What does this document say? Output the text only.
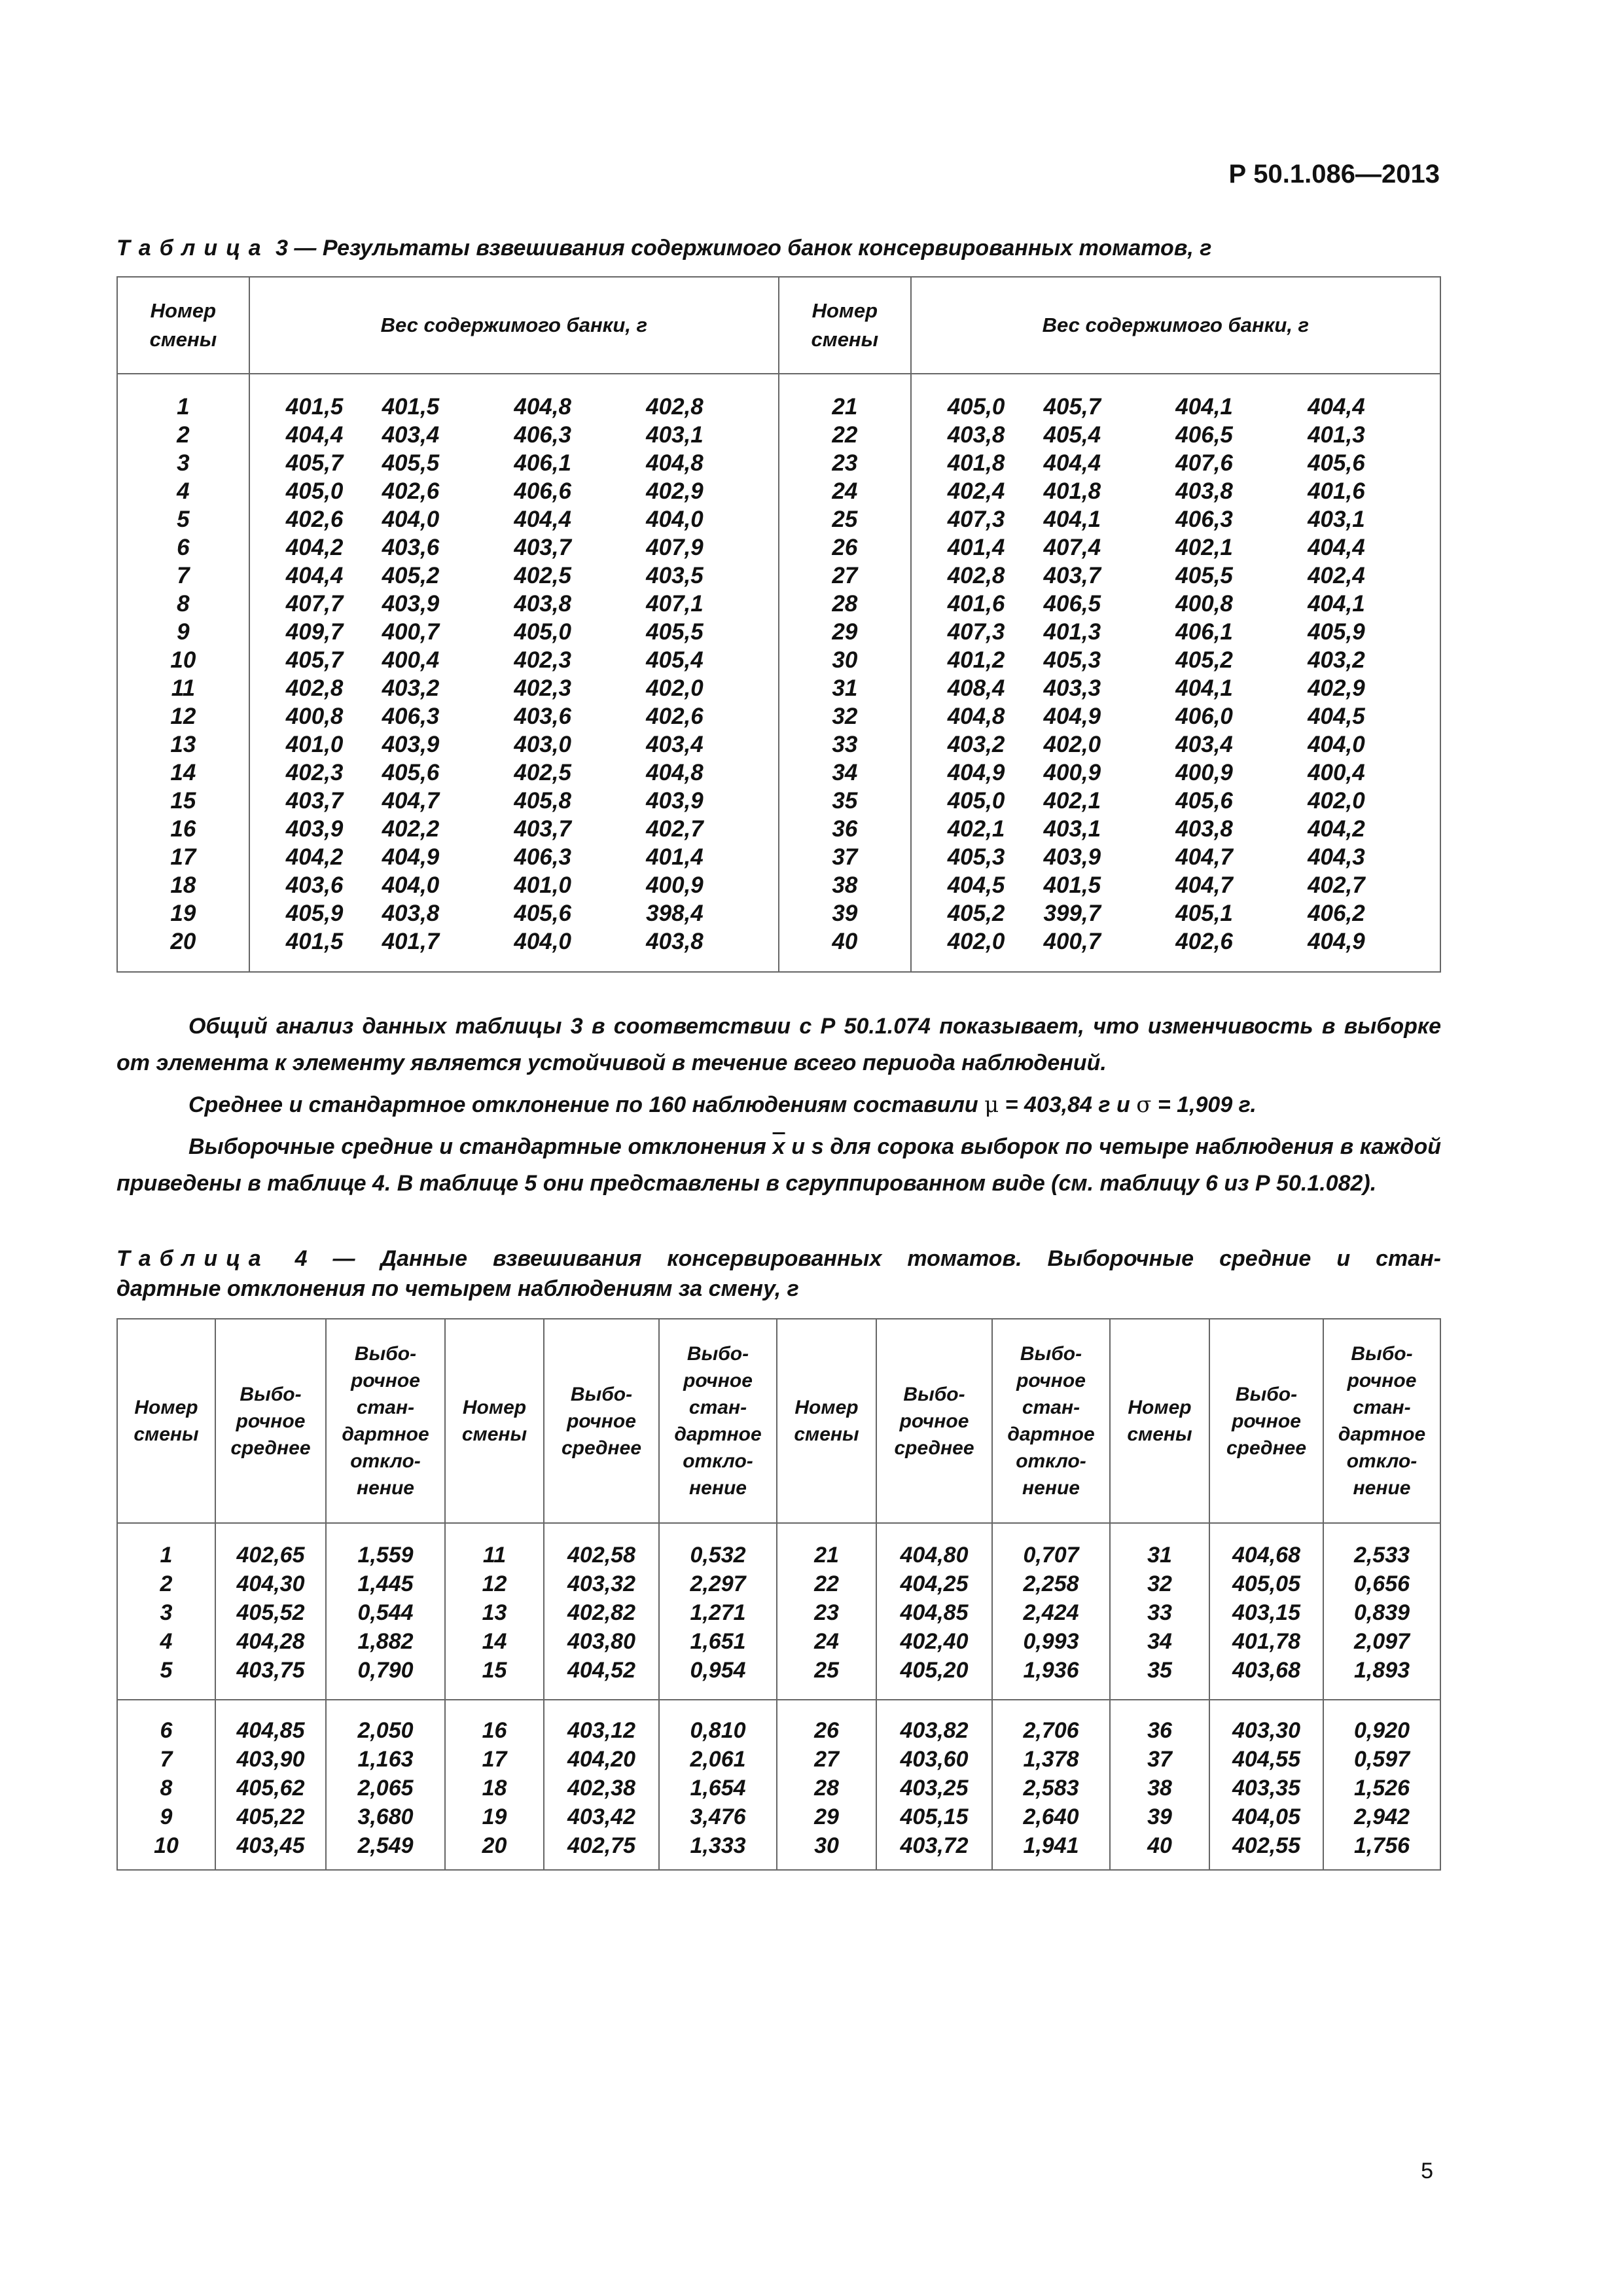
Р 50.1.086—2013
Таблица 3 — Результаты взвешивания содержимого банок консервированных томатов, г
Номер смены	Вес содержимого банки, г				Номер смены	Вес содержимого банки, г			

1	401,5	401,5	404,8	402,8	21	405,0	405,7	404,1	404,4
2	404,4	403,4	406,3	403,1	22	403,8	405,4	406,5	401,3
3	405,7	405,5	406,1	404,8	23	401,8	404,4	407,6	405,6
4	405,0	402,6	406,6	402,9	24	402,4	401,8	403,8	401,6
5	402,6	404,0	404,4	404,0	25	407,3	404,1	406,3	403,1
6	404,2	403,6	403,7	407,9	26	401,4	407,4	402,1	404,4
7	404,4	405,2	402,5	403,5	27	402,8	403,7	405,5	402,4
8	407,7	403,9	403,8	407,1	28	401,6	406,5	400,8	404,1
9	409,7	400,7	405,0	405,5	29	407,3	401,3	406,1	405,9
10	405,7	400,4	402,3	405,4	30	401,2	405,3	405,2	403,2
11	402,8	403,2	402,3	402,0	31	408,4	403,3	404,1	402,9
12	400,8	406,3	403,6	402,6	32	404,8	404,9	406,0	404,5
13	401,0	403,9	403,0	403,4	33	403,2	402,0	403,4	404,0
14	402,3	405,6	402,5	404,8	34	404,9	400,9	400,9	400,4
15	403,7	404,7	405,8	403,9	35	405,0	402,1	405,6	402,0
16	403,9	402,2	403,7	402,7	36	402,1	403,1	403,8	404,2
17	404,2	404,9	406,3	401,4	37	405,3	403,9	404,7	404,3
18	403,6	404,0	401,0	400,9	38	404,5	401,5	404,7	402,7
19	405,9	403,8	405,6	398,4	39	405,2	399,7	405,1	406,2
20	401,5	401,7	404,0	403,8	40	402,0	400,7	402,6	404,9

Общий анализ данных таблицы 3 в соответствии с Р 50.1.074 показывает, что изменчивость в выборке от элемента к элементу является устойчивой в течение всего периода наблюдений.
Среднее и стандартное отклонение по 160 наблюдениям составили μ = 403,84 г и σ = 1,909 г.
Выборочные средние и стандартные отклонения $\overline{x}$ и s для сорока выборок по четыре наблюдения в каждой приведены в таблице 4. В таблице 5 они представлены в сгруппированном виде (см. таблицу 6 из Р 50.1.082).
Таблица 4 — Данные взвешивания консервированных томатов. Выборочные средние и стан-
дартные отклонения по четырем наблюдениям за смену, г
Номер смены	Выбо- рочное среднее	Выбо- рочное стан- дартное откло- нение	Номер смены	Выбо- рочное среднее	Выбо- рочное стан- дартное откло- нение	Номер смены	Выбо- рочное среднее	Выбо- рочное стан- дартное откло- нение	Номер смены	Выбо- рочное среднее	Выбо- рочное стан- дартное откло- нение

1	402,65	1,559	11	402,58	0,532	21	404,80	0,707	31	404,68	2,533
2	404,30	1,445	12	403,32	2,297	22	404,25	2,258	32	405,05	0,656
3	405,52	0,544	13	402,82	1,271	23	404,85	2,424	33	403,15	0,839
4	404,28	1,882	14	403,80	1,651	24	402,40	0,993	34	401,78	2,097
5	403,75	0,790	15	404,52	0,954	25	405,20	1,936	35	403,68	1,893

6	404,85	2,050	16	403,12	0,810	26	403,82	2,706	36	403,30	0,920
7	403,90	1,163	17	404,20	2,061	27	403,60	1,378	37	404,55	0,597
8	405,62	2,065	18	402,38	1,654	28	403,25	2,583	38	403,35	1,526
9	405,22	3,680	19	403,42	3,476	29	405,15	2,640	39	404,05	2,942
10	403,45	2,549	20	402,75	1,333	30	403,72	1,941	40	402,55	1,756

5
